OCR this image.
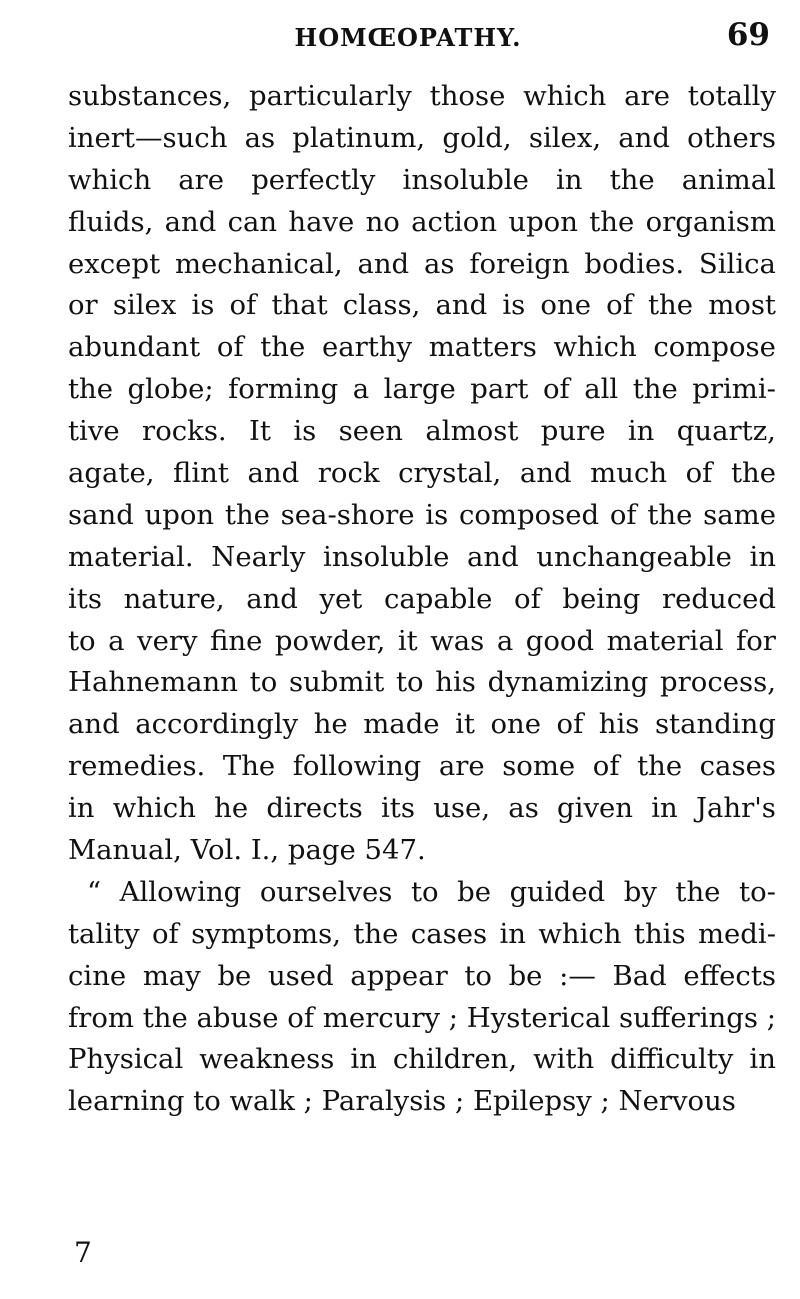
HOMŒOPATHY.	69
substances, particularly those which are totally
inert—such as platinum, gold, silex, and others
which are perfectly insoluble in the animal
fluids, and can have no action upon the organism
except mechanical, and as foreign bodies. Silica
or silex is of that class, and is one of the most
abundant of the earthy matters which compose
the globe; forming a large part of all the primi-
tive rocks. It is seen almost pure in quartz,
agate, flint and rock crystal, and much of the
sand upon the sea-shore is composed of the same
material. Nearly insoluble and unchangeable in
its nature, and yet capable of being reduced
to a very fine powder, it was a good material for
Hahnemann to submit to his dynamizing process,
and accordingly he made it one of his standing
remedies. The following are some of the cases
in which he directs its use, as given in Jahr's
Manual, Vol. I., page 547.
“ Allowing ourselves to be guided by the to-
tality of symptoms, the cases in which this medi-
cine may be used appear to be :— Bad effects
from the abuse of mercury ; Hysterical sufferings ;
Physical weakness in children, with difficulty in
learning to walk ; Paralysis ; Epilepsy ; Nervous
7
